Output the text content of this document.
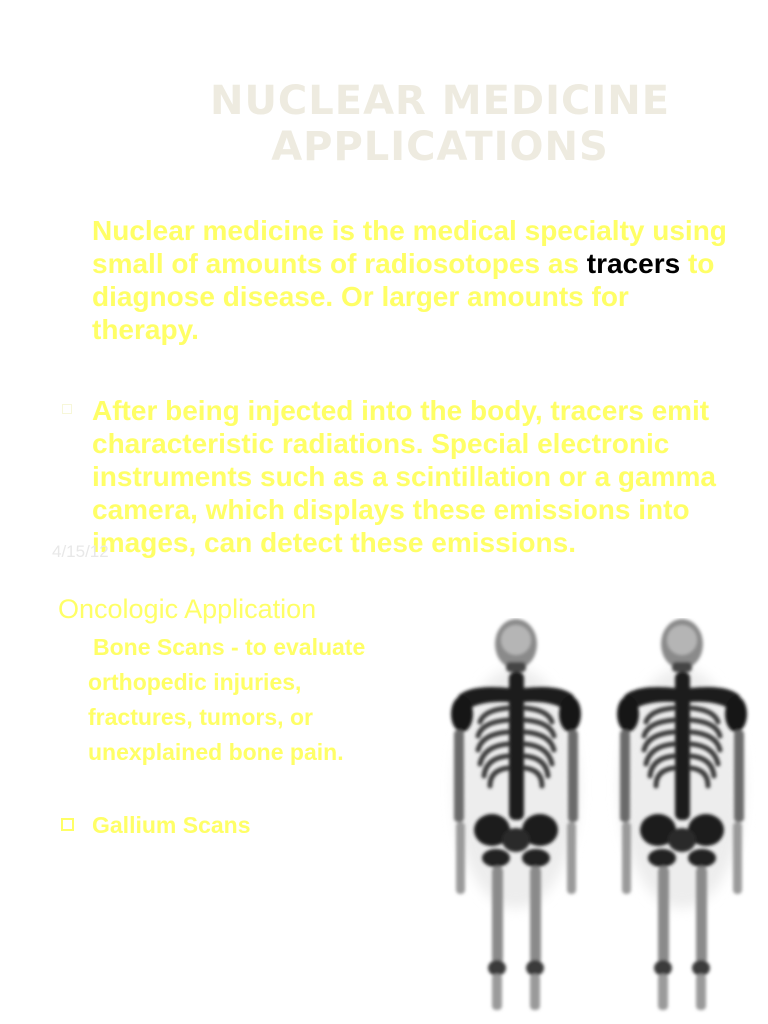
NUCLEAR MEDICINE
APPLICATIONS
Nuclear medicine is the medical specialty using small of amounts of radiosotopes as tracers to diagnose disease. Or larger amounts for therapy.
After being injected into the body, tracers emit characteristic radiations. Special electronic instruments such as a scintillation or a gamma camera, which displays these emissions into images, can detect these emissions.
4/15/12
Oncologic Application
Bone Scans - to evaluate
orthopedic injuries,
fractures, tumors, or
unexplained bone pain.
Gallium Scans
